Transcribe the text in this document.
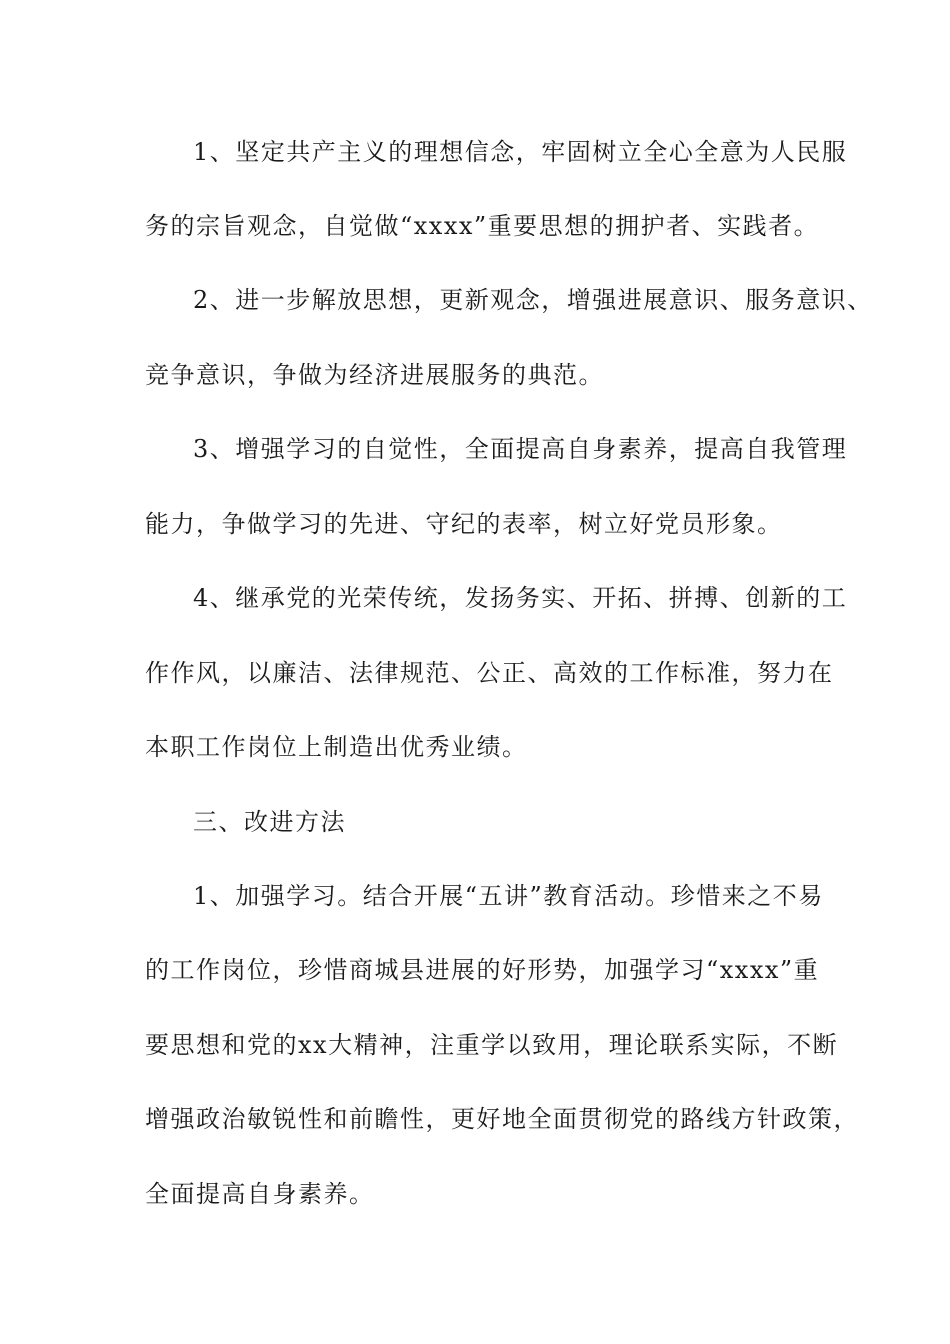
1、坚定共产主义的理想信念，牢固树立全心全意为人民服
务的宗旨观念，自觉做“xxxx”重要思想的拥护者、实践者。
2、进一步解放思想，更新观念，增强进展意识、服务意识、
竞争意识，争做为经济进展服务的典范。
3、增强学习的自觉性，全面提高自身素养，提高自我管理
能力，争做学习的先进、守纪的表率，树立好党员形象。
4、继承党的光荣传统，发扬务实、开拓、拼搏、创新的工
作作风，以廉洁、法律规范、公正、高效的工作标准，努力在
本职工作岗位上制造出优秀业绩。
三、改进方法
1、加强学习。结合开展“五讲”教育活动。珍惜来之不易
的工作岗位，珍惜商城县进展的好形势，加强学习“xxxx”重
要思想和党的xx大精神，注重学以致用，理论联系实际，不断
增强政治敏锐性和前瞻性，更好地全面贯彻党的路线方针政策，
全面提高自身素养。
